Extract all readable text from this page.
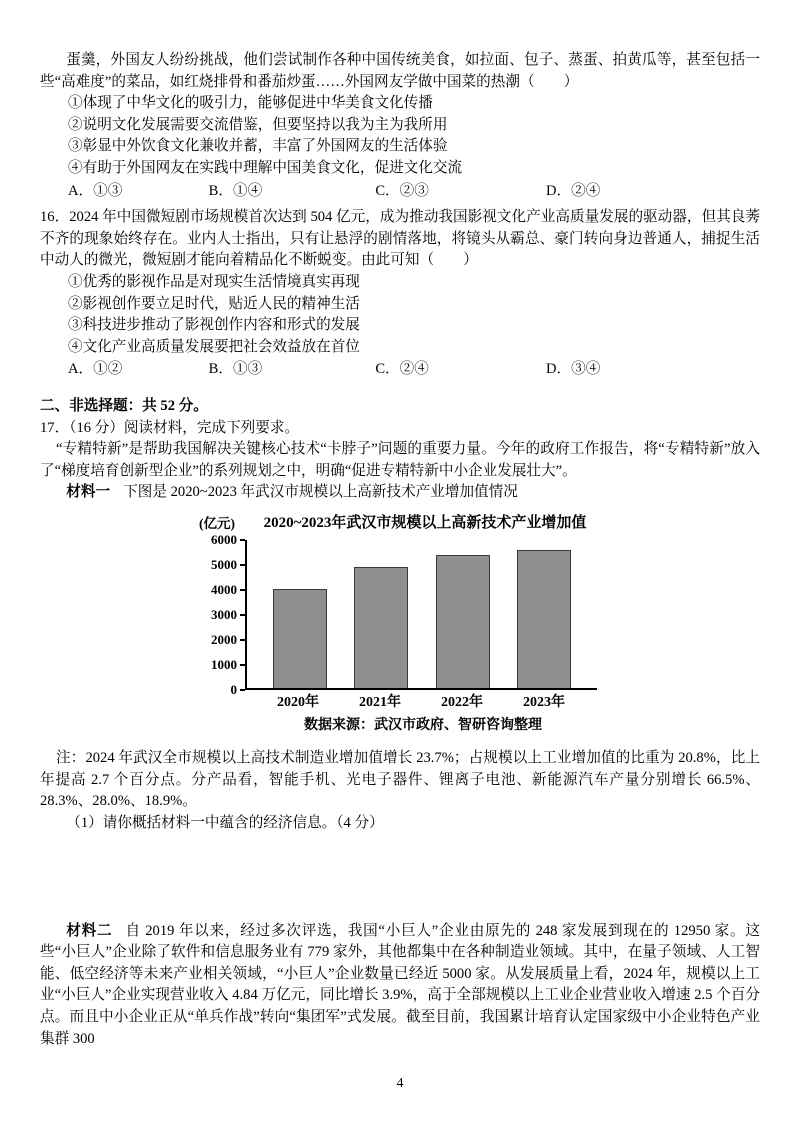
蛋羹，外国友人纷纷挑战，他们尝试制作各种中国传统美食，如拉面、包子、蒸蛋、拍黄瓜等，甚至包括一些“高难度”的菜品，如红烧排骨和番茄炒蛋……外国网友学做中国菜的热潮（　　）

①体现了中华文化的吸引力，能够促进中华美食文化传播
②说明文化发展需要交流借鉴，但要坚持以我为主为我所用
③彰显中外饮食文化兼收并蓄，丰富了外国网友的生活体验
④有助于外国网友在实践中理解中国美食文化，促进文化交流
A．①③	B．①④	C．②③	D．②④

16．2024 年中国微短剧市场规模首次达到 504 亿元，成为推动我国影视文化产业高质量发展的驱动器，但其良莠不齐的现象始终存在。业内人士指出，只有让悬浮的剧情落地，将镜头从霸总、豪门转向身边普通人，捕捉生活中动人的微光，微短剧才能向着精品化不断蜕变。由此可知（　　）

①优秀的影视作品是对现实生活情境真实再现
②影视创作要立足时代，贴近人民的精神生活
③科技进步推动了影视创作内容和形式的发展
④文化产业高质量发展要把社会效益放在首位
A．①②	B．①③	C．②④	D．③④

二、非选择题：共 52 分。

17．（16 分）阅读材料，完成下列要求。

“专精特新”是帮助我国解决关键核心技术“卡脖子”问题的重要力量。今年的政府工作报告，将“专精特新”放入了“梯度培育创新型企业”的系列规划之中，明确“促进专精特新中小企业发展壮大”。

材料一 下图是 2020~2023 年武汉市规模以上高新技术产业增加值情况

(亿元)	2020~2023年武汉市规模以上高新技术产业增加值
6000
5000
4000
3000
2000
1000
0
2020年	2021年	2022年	2023年
数据来源：武汉市政府、智研咨询整理

注：2024 年武汉全市规模以上高技术制造业增加值增长 23.7%；占规模以上工业增加值的比重为 20.8%，比上年提高 2.7 个百分点。分产品看，智能手机、光电子器件、锂离子电池、新能源汽车产量分别增长 66.5%、28.3%、28.0%、18.9%。

（1）请你概括材料一中蕴含的经济信息。（4 分）

材料二 自 2019 年以来，经过多次评选，我国“小巨人”企业由原先的 248 家发展到现在的 12950 家。这些“小巨人”企业除了软件和信息服务业有 779 家外，其他都集中在各种制造业领域。其中，在量子领域、人工智能、低空经济等未来产业相关领域，“小巨人”企业数量已经近 5000 家。从发展质量上看，2024 年，规模以上工业“小巨人”企业实现营业收入 4.84 万亿元，同比增长 3.9%，高于全部规模以上工业企业营业收入增速 2.5 个百分点。而且中小企业正从“单兵作战”转向“集团军”式发展。截至目前，我国累计培育认定国家级中小企业特色产业集群 300

4
